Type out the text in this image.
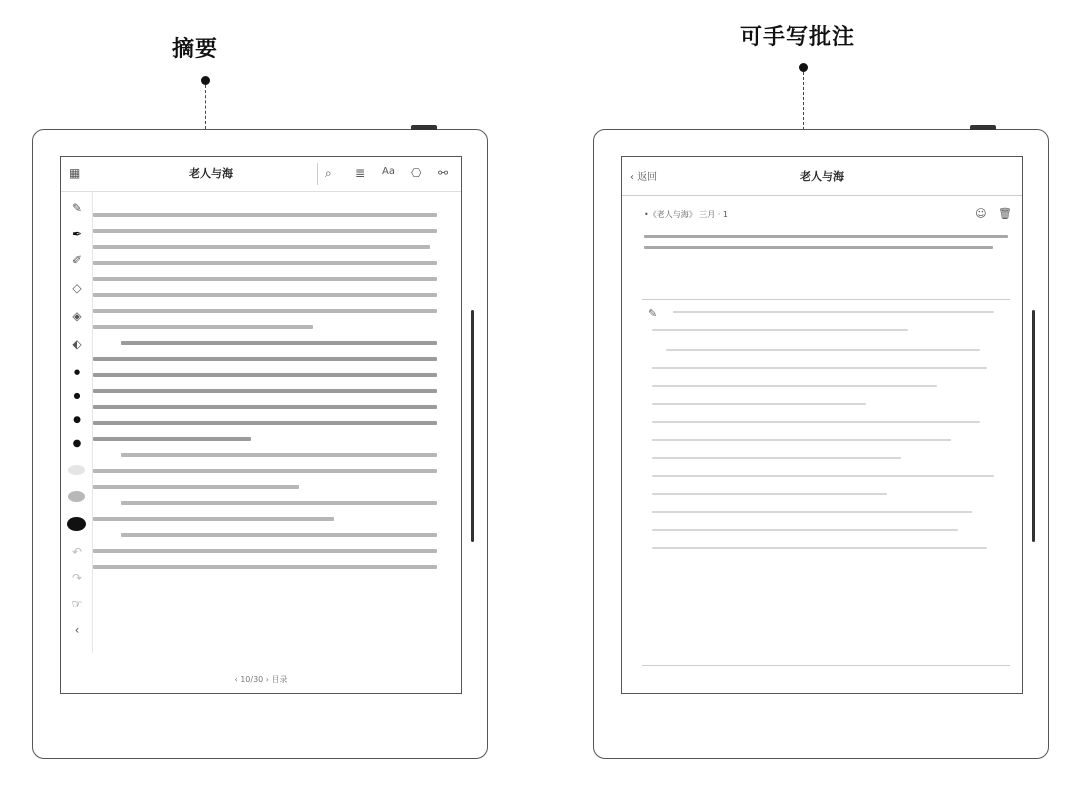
摘要	可手写批注
▦	老人与海	⌕ ≣ Aa ⎔ ⚯
✎
✒
✐
◇
◈
⬖
●
●
●
●
↶
↷
☞
‹
‹ 10/30 › 目录
‹ 返回	老人与海
•《老人与海》 三月 · 1	☺ 🗑
✎
